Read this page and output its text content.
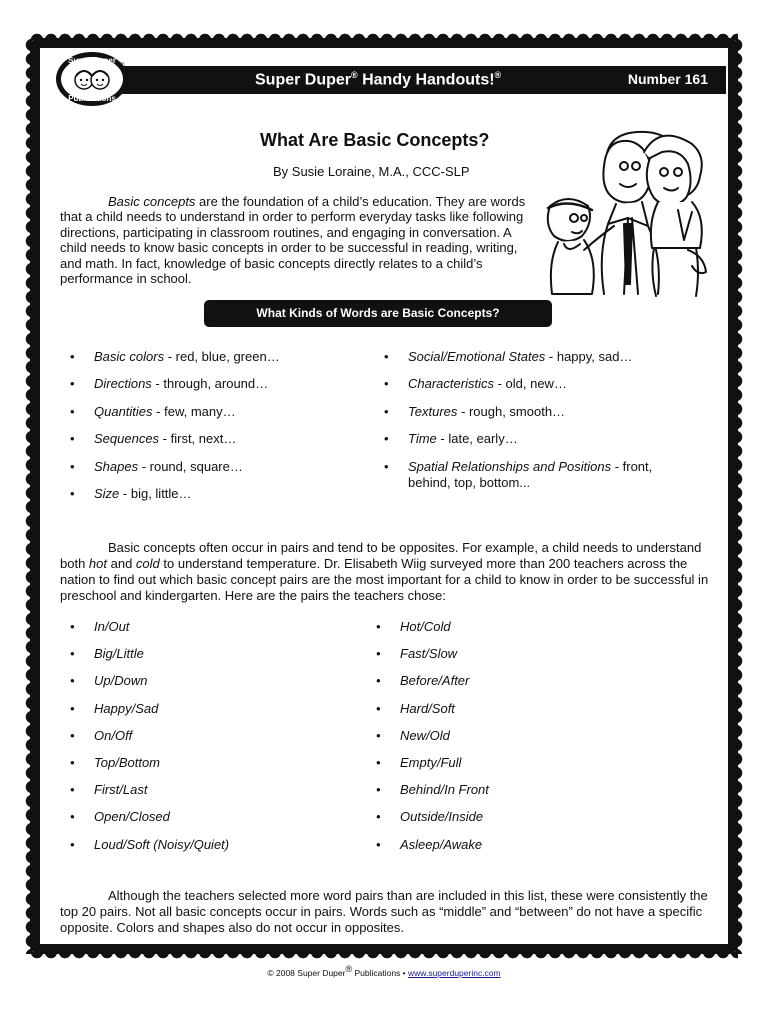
Super Duper® Handy Handouts!®	Number 161
Super Duper
Publications
®
What Are Basic Concepts?
By Susie Loraine, M.A., CCC-SLP
Basic concepts are the foundation of a child’s education. They are words that a child needs to understand in order to perform everyday tasks like following directions, participating in classroom routines, and engaging in conversation. A child needs to know basic concepts in order to be successful in reading, writing, and math. In fact, knowledge of basic concepts directly relates to a child’s performance in school.
What Kinds of Words are Basic Concepts?
• Basic colors - red, blue, green…
• Directions - through, around…
• Quantities - few, many…
• Sequences - first, next…
• Shapes - round, square…
• Size - big, little…
• Social/Emotional States - happy, sad…
• Characteristics - old, new…
• Textures - rough, smooth…
• Time - late, early…
• Spatial Relationships and Positions - front, behind, top, bottom...
Basic concepts often occur in pairs and tend to be opposites. For example, a child needs to understand both hot and cold to understand temperature. Dr. Elisabeth Wiig surveyed more than 200 teachers across the nation to find out which basic concept pairs are the most important for a child to know in order to be successful in preschool and kindergarten. Here are the pairs the teachers chose:
• In/Out
• Big/Little
• Up/Down
• Happy/Sad
• On/Off
• Top/Bottom
• First/Last
• Open/Closed
• Loud/Soft (Noisy/Quiet)
• Hot/Cold
• Fast/Slow
• Before/After
• Hard/Soft
• New/Old
• Empty/Full
• Behind/In Front
• Outside/Inside
• Asleep/Awake
Although the teachers selected more word pairs than are included in this list, these were consistently the top 20 pairs. Not all basic concepts occur in pairs. Words such as “middle” and “between” do not have a specific opposite. Colors and shapes also do not occur in opposites.
© 2008 Super Duper® Publications • www.superduperinc.com
